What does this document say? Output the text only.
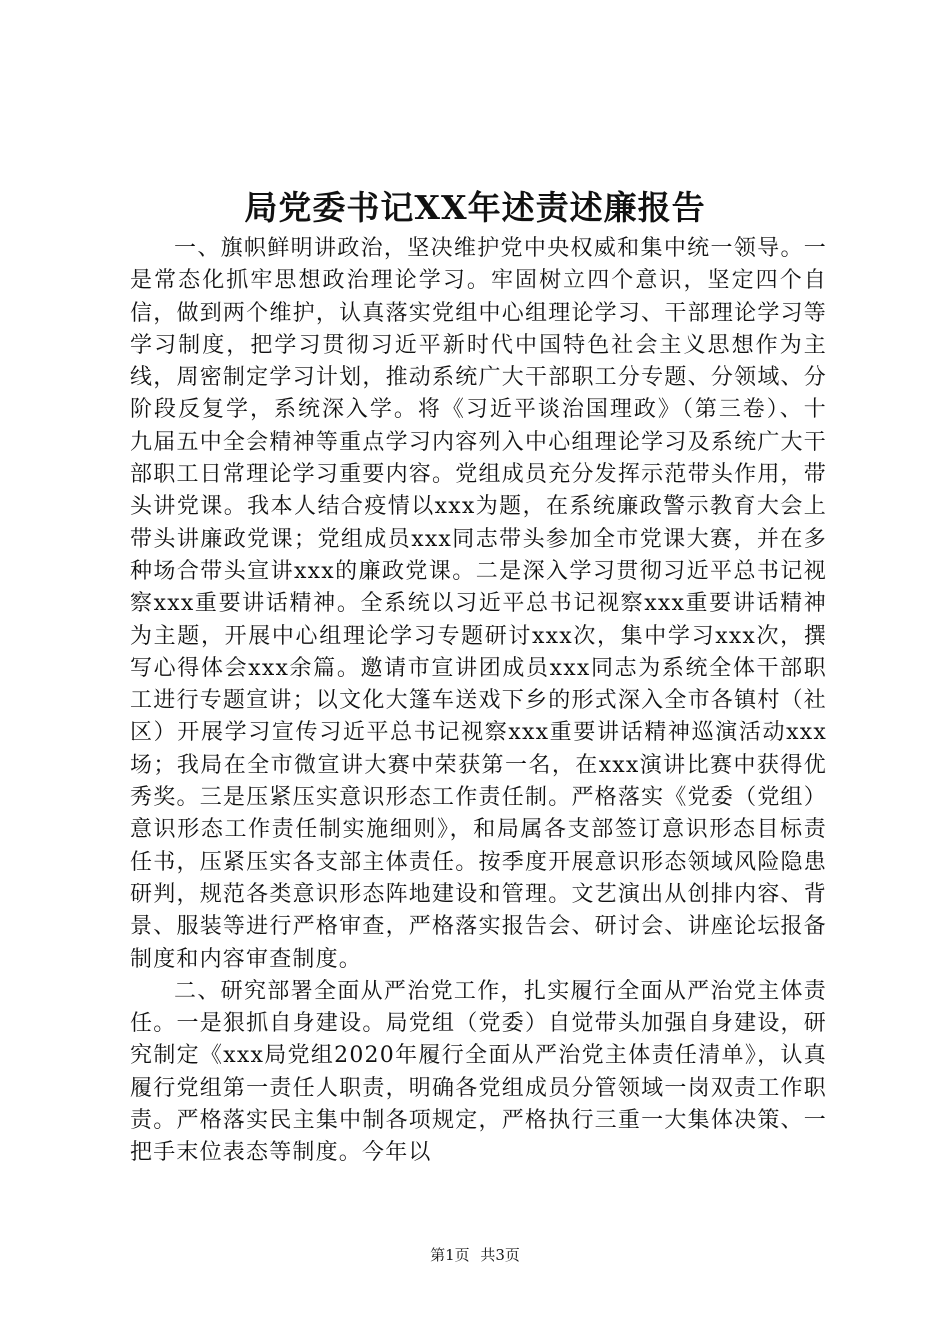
局党委书记XX年述责述廉报告

一、旗帜鲜明讲政治，坚决维护党中央权威和集中统一领导。一是常态化抓牢思想政治理论学习。牢固树立四个意识，坚定四个自信，做到两个维护，认真落实党组中心组理论学习、干部理论学习等学习制度，把学习贯彻习近平新时代中国特色社会主义思想作为主线，周密制定学习计划，推动系统广大干部职工分专题、分领域、分阶段反复学，系统深入学。将《习近平谈治国理政》（第三卷）、十九届五中全会精神等重点学习内容列入中心组理论学习及系统广大干部职工日常理论学习重要内容。党组成员充分发挥示范带头作用，带头讲党课。我本人结合疫情以xxx为题，在系统廉政警示教育大会上带头讲廉政党课；党组成员xxx同志带头参加全市党课大赛，并在多种场合带头宣讲xxx的廉政党课。二是深入学习贯彻习近平总书记视察xxx重要讲话精神。全系统以习近平总书记视察xxx重要讲话精神为主题，开展中心组理论学习专题研讨xxx次，集中学习xxx次，撰写心得体会xxx余篇。邀请市宣讲团成员xxx同志为系统全体干部职工进行专题宣讲；以文化大篷车送戏下乡的形式深入全市各镇村（社区）开展学习宣传习近平总书记视察xxx重要讲话精神巡演活动xxx场；我局在全市微宣讲大赛中荣获第一名，在xxx演讲比赛中获得优秀奖。三是压紧压实意识形态工作责任制。严格落实《党委（党组）意识形态工作责任制实施细则》，和局属各支部签订意识形态目标责任书，压紧压实各支部主体责任。按季度开展意识形态领域风险隐患研判，规范各类意识形态阵地建设和管理。文艺演出从创排内容、背景、服装等进行严格审查，严格落实报告会、研讨会、讲座论坛报备制度和内容审查制度。

二、研究部署全面从严治党工作，扎实履行全面从严治党主体责任。一是狠抓自身建设。局党组（党委）自觉带头加强自身建设，研究制定《xxx局党组2020年履行全面从严治党主体责任清单》，认真履行党组第一责任人职责，明确各党组成员分管领域一岗双责工作职责。严格落实民主集中制各项规定，严格执行三重一大集体决策、一把手末位表态等制度。今年以

第1页 共3页
